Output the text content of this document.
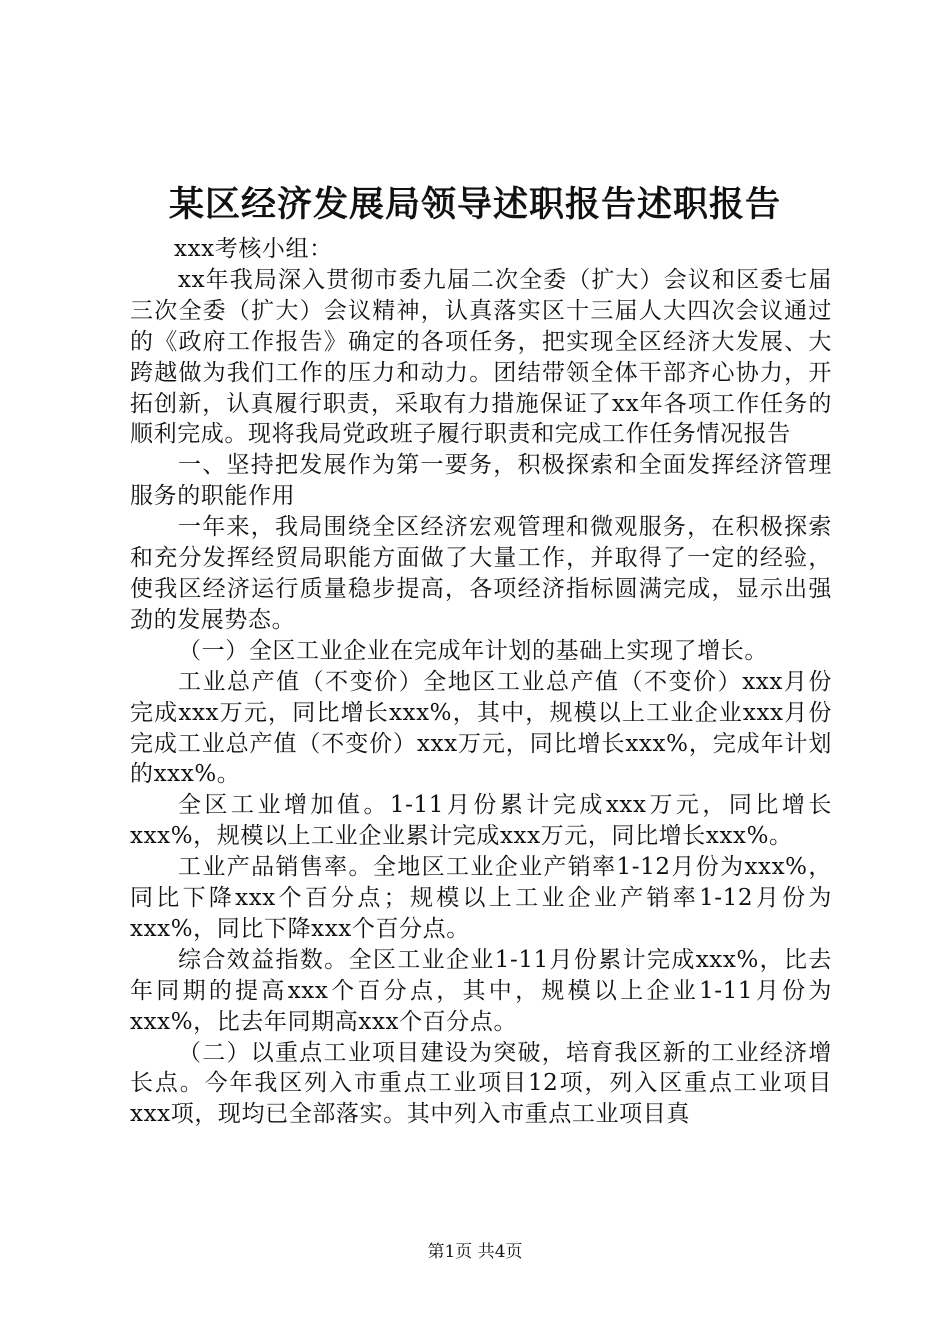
某区经济发展局领导述职报告述职报告

xxx考核小组：

xx年我局深入贯彻市委九届二次全委（扩大）会议和区委七届三次全委（扩大）会议精神，认真落实区十三届人大四次会议通过的《政府工作报告》确定的各项任务，把实现全区经济大发展、大跨越做为我们工作的压力和动力。团结带领全体干部齐心协力，开拓创新，认真履行职责，采取有力措施保证了xx年各项工作任务的顺利完成。现将我局党政班子履行职责和完成工作任务情况报告

一、坚持把发展作为第一要务，积极探索和全面发挥经济管理服务的职能作用

一年来，我局围绕全区经济宏观管理和微观服务，在积极探索和充分发挥经贸局职能方面做了大量工作，并取得了一定的经验，使我区经济运行质量稳步提高，各项经济指标圆满完成，显示出强劲的发展势态。

（一）全区工业企业在完成年计划的基础上实现了增长。

工业总产值（不变价）全地区工业总产值（不变价）xxx月份完成xxx万元，同比增长xxx%，其中，规模以上工业企业xxx月份完成工业总产值（不变价）xxx万元，同比增长xxx%，完成年计划的xxx%。

全区工业增加值。1-11月份累计完成xxx万元，同比增长xxx%，规模以上工业企业累计完成xxx万元，同比增长xxx%。

工业产品销售率。全地区工业企业产销率1-12月份为xxx%，同比下降xxx个百分点；规模以上工业企业产销率1-12月份为xxx%，同比下降xxx个百分点。

综合效益指数。全区工业企业1-11月份累计完成xxx%，比去年同期的提高xxx个百分点，其中，规模以上企业1-11月份为xxx%，比去年同期高xxx个百分点。

（二）以重点工业项目建设为突破，培育我区新的工业经济增长点。今年我区列入市重点工业项目12项，列入区重点工业项目xxx项，现均已全部落实。其中列入市重点工业项目真

第1页 共4页
